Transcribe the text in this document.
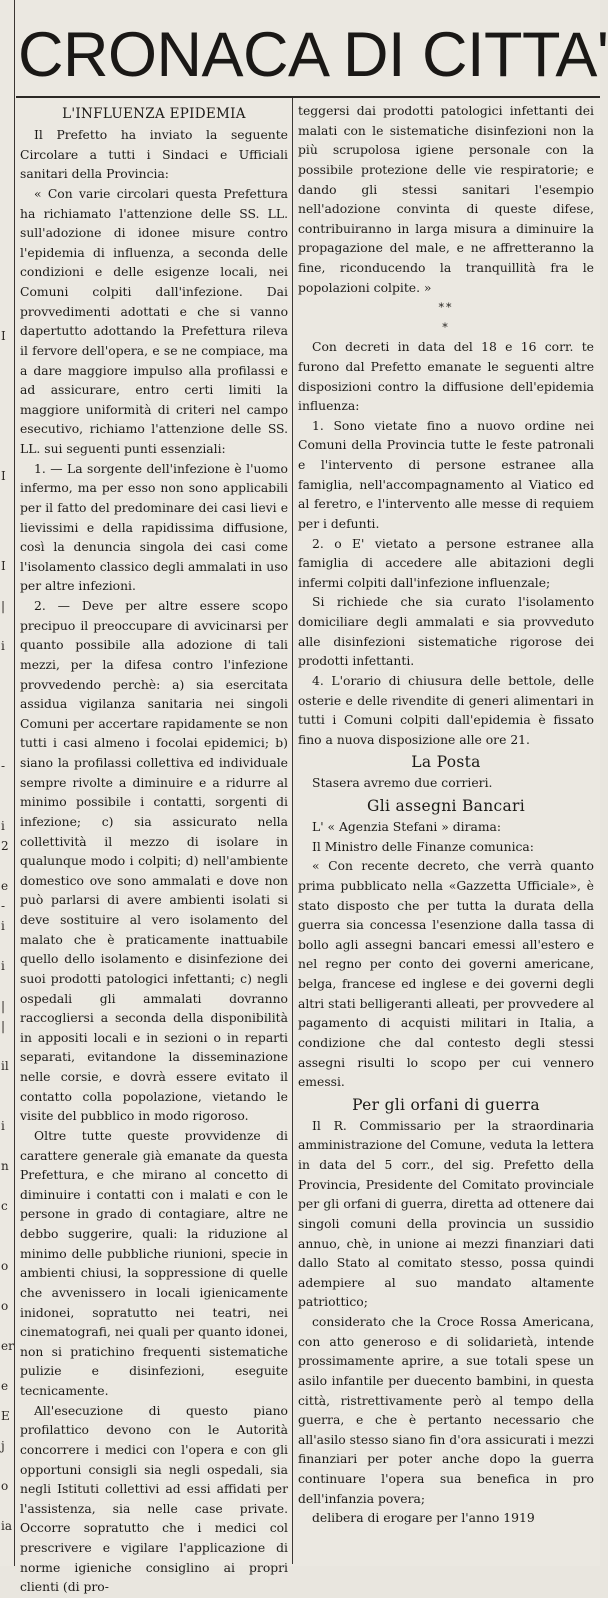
I
I
I
|
i
-
i
2
e
-
i
i
|
|
il
i
n
c
o
o
er
e
E
j
o
ia
CRONACA DI CITTA'

L'INFLUENZA EPIDEMIA

Il Prefetto ha inviato la seguente Circolare a tutti i Sindaci e Ufficiali sanitari della Provincia:

« Con varie circolari questa Prefettura ha richiamato l'attenzione delle SS. LL. sull'adozione di idonee misure contro l'epidemia di influenza, a seconda delle condizioni e delle esigenze locali, nei Comuni colpiti dall'infezione. Dai provvedimenti adottati e che si vanno dapertutto adottando la Prefettura rileva il fervore dell'opera, e se ne compiace, ma a dare maggiore impulso alla profilassi e ad assicurare, entro certi limiti la maggiore uniformità di criteri nel campo esecutivo, richiamo l'attenzione delle SS. LL. sui seguenti punti essenziali:

1. — La sorgente dell'infezione è l'uomo infermo, ma per esso non sono applicabili per il fatto del predominare dei casi lievi e lievissimi e della rapidissima diffusione, così la denuncia singola dei casi come l'isolamento classico degli ammalati in uso per altre infezioni.

2. — Deve per altre essere scopo precipuo il preoccupare di avvicinarsi per quanto possibile alla adozione di tali mezzi, per la difesa contro l'infezione provvedendo perchè: a) sia esercitata assidua vigilanza sanitaria nei singoli Comuni per accertare rapidamente se non tutti i casi almeno i focolai epidemici; b) siano la profilassi collettiva ed individuale sempre rivolte a diminuire e a ridurre al minimo possibile i contatti, sorgenti di infezione; c) sia assicurato nella collettività il mezzo di isolare in qualunque modo i colpiti; d) nell'ambiente domestico ove sono ammalati e dove non può parlarsi di avere ambienti isolati si deve sostituire al vero isolamento del malato che è praticamente inattuabile quello dello isolamento e disinfezione dei suoi prodotti patologici infettanti; c) negli ospedali gli ammalati dovranno raccogliersi a seconda della disponibilità in appositi locali e in sezioni o in reparti separati, evitandone la disseminazione nelle corsie, e dovrà essere evitato il contatto colla popolazione, vietando le visite del pubblico in modo rigoroso.

Oltre tutte queste provvidenze di carattere generale già emanate da questa Prefettura, e che mirano al concetto di diminuire i contatti con i malati e con le persone in grado di contagiare, altre ne debbo suggerire, quali: la riduzione al minimo delle pubbliche riunioni, specie in ambienti chiusi, la soppressione di quelle che avvenissero in locali igienicamente inidonei, sopratutto nei teatri, nei cinematografi, nei quali per quanto idonei, non si pratichino frequenti sistematiche pulizie e disinfezioni, eseguite tecnicamente.

All'esecuzione di questo piano profilattico devono con le Autorità concorrere i medici con l'opera e con gli opportuni consigli sia negli ospedali, sia negli Istituti collettivi ad essi affidati per l'assistenza, sia nelle case private. Occorre sopratutto che i medici col prescrivere e vigilare l'applicazione di norme igieniche consiglino ai propri clienti (di pro-

teggersi dai prodotti patologici infettanti dei malati con le sistematiche disinfezioni non la più scrupolosa igiene personale con la possibile protezione delle vie respiratorie; e dando gli stessi sanitari l'esempio nell'adozione convinta di queste difese, contribuiranno in larga misura a diminuire la propagazione del male, e ne affretteranno la fine, riconducendo la tranquillità fra le popolazioni colpite. »

**
*

Con decreti in data del 18 e 16 corr. te furono dal Prefetto emanate le seguenti altre disposizioni contro la diffusione dell'epidemia influenza:

1. Sono vietate fino a nuovo ordine nei Comuni della Provincia tutte le feste patronali e l'intervento di persone estranee alla famiglia, nell'accompagnamento al Viatico ed al feretro, e l'intervento alle messe di requiem per i defunti.

2. o E' vietato a persone estranee alla famiglia di accedere alle abitazioni degli infermi colpiti dall'infezione influenzale;

Si richiede che sia curato l'isolamento domiciliare degli ammalati e sia provveduto alle disinfezioni sistematiche rigorose dei prodotti infettanti.

4. L'orario di chiusura delle bettole, delle osterie e delle rivendite di generi alimentari in tutti i Comuni colpiti dall'epidemia è fissato fino a nuova disposizione alle ore 21.

La Posta

Stasera avremo due corrieri.

Gli assegni Bancari

L' « Agenzia Stefani » dirama:

Il Ministro delle Finanze comunica:

« Con recente decreto, che verrà quanto prima pubblicato nella «Gazzetta Ufficiale», è stato disposto che per tutta la durata della guerra sia concessa l'esenzione dalla tassa di bollo agli assegni bancari emessi all'estero e nel regno per conto dei governi americane, belga, francese ed inglese e dei governi degli altri stati belligeranti alleati, per provvedere al pagamento di acquisti militari in Italia, a condizione che dal contesto degli stessi assegni risulti lo scopo per cui vennero emessi.

Per gli orfani di guerra

Il R. Commissario per la straordinaria amministrazione del Comune, veduta la lettera in data del 5 corr., del sig. Prefetto della Provincia, Presidente del Comitato provinciale per gli orfani di guerra, diretta ad ottenere dai singoli comuni della provincia un sussidio annuo, chè, in unione ai mezzi finanziari dati dallo Stato al comitato stesso, possa quindi adempiere al suo mandato altamente patriottico;

considerato che la Croce Rossa Americana, con atto generoso e di solidarietà, intende prossimamente aprire, a sue totali spese un asilo infantile per duecento bambini, in questa città, ristrettivamente però al tempo della guerra, e che è pertanto necessario che all'asilo stesso siano fin d'ora assicurati i mezzi finanziari per poter anche dopo la guerra continuare l'opera sua benefica in pro dell'infanzia povera;

delibera di erogare per l'anno 1919
